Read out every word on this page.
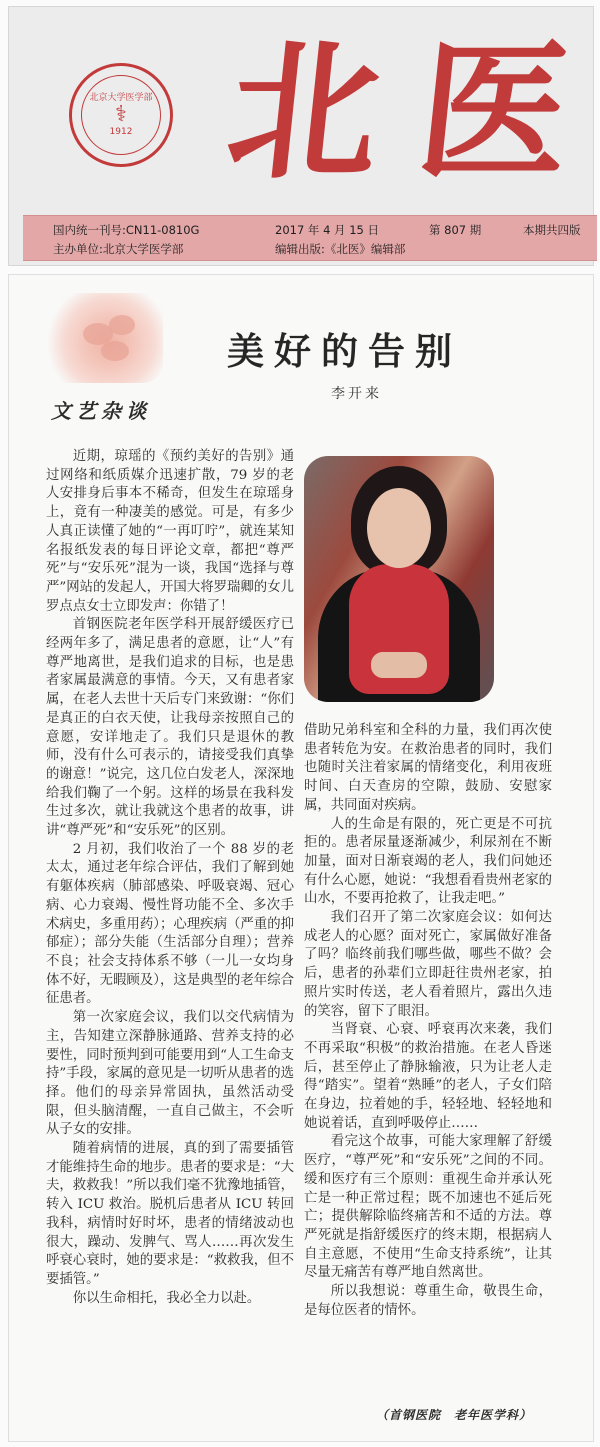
北京大学医学部
⚕
1912 北 医
国内统一刊号:CN11-0810G
主办单位:北京大学医学部
2017 年 4 月 15 日
编辑出版:《北医》编辑部
第 807 期	本期共四版
文艺杂谈
美好的告别
李开来

近期，琼瑶的《预约美好的告别》通过网络和纸质媒介迅速扩散，79 岁的老人安排身后事本不稀奇，但发生在琼瑶身上，竟有一种凄美的感觉。可是，有多少人真正读懂了她的“一再叮咛”，就连某知名报纸发表的每日评论文章，都把“尊严死”与“安乐死”混为一谈，我国“选择与尊严”网站的发起人，开国大将罗瑞卿的女儿罗点点女士立即发声：你错了！

首钢医院老年医学科开展舒缓医疗已经两年多了，满足患者的意愿，让“人”有尊严地离世，是我们追求的目标，也是患者家属最满意的事情。今天，又有患者家属，在老人去世十天后专门来致谢：“你们是真正的白衣天使，让我母亲按照自己的意愿，安详地走了。我们只是退休的教师，没有什么可表示的，请接受我们真挚的谢意！”说完，这几位白发老人，深深地给我们鞠了一个躬。这样的场景在我科发生过多次，就让我就这个患者的故事，讲讲“尊严死”和“安乐死”的区别。

2 月初，我们收治了一个 88 岁的老太太，通过老年综合评估，我们了解到她有躯体疾病（肺部感染、呼吸衰竭、冠心病、心力衰竭、慢性肾功能不全、多次手术病史，多重用药）；心理疾病（严重的抑郁症）；部分失能（生活部分自理）；营养不良；社会支持体系不够（一儿一女均身体不好，无暇顾及），这是典型的老年综合征患者。

第一次家庭会议，我们以交代病情为主，告知建立深静脉通路、营养支持的必要性，同时预判到可能要用到“人工生命支持”手段，家属的意见是一切听从患者的选择。他们的母亲异常固执，虽然活动受限，但头脑清醒，一直自己做主，不会听从子女的安排。

随着病情的进展，真的到了需要插管才能维持生命的地步。患者的要求是：“大夫，救救我！”所以我们毫不犹豫地插管，转入 ICU 救治。脱机后患者从 ICU 转回我科，病情时好时坏，患者的情绪波动也很大，躁动、发脾气、骂人……再次发生呼衰心衰时，她的要求是：“救救我，但不要插管。”

你以生命相托，我必全力以赴。

借助兄弟科室和全科的力量，我们再次使患者转危为安。在救治患者的同时，我们也随时关注着家属的情绪变化，利用夜班时间、白天查房的空隙，鼓励、安慰家属，共同面对疾病。

人的生命是有限的，死亡更是不可抗拒的。患者尿量逐渐减少，利尿剂在不断加量，面对日渐衰竭的老人，我们问她还有什么心愿，她说：“我想看看贵州老家的山水，不要再抢救了，让我走吧。”

我们召开了第二次家庭会议：如何达成老人的心愿？面对死亡，家属做好准备了吗？临终前我们哪些做，哪些不做？会后，患者的孙辈们立即赶往贵州老家，拍照片实时传送，老人看着照片，露出久违的笑容，留下了眼泪。

当肾衰、心衰、呼衰再次来袭，我们不再采取“积极”的救治措施。在老人昏迷后，甚至停止了静脉输液，只为让老人走得“踏实”。望着“熟睡”的老人，子女们陪在身边，拉着她的手，轻轻地、轻轻地和她说着话，直到呼吸停止……

看完这个故事，可能大家理解了舒缓医疗，“尊严死”和“安乐死”之间的不同。缓和医疗有三个原则：重视生命并承认死亡是一种正常过程；既不加速也不延后死亡；提供解除临终痛苦和不适的方法。尊严死就是指舒缓医疗的终末期，根据病人自主意愿，不使用“生命支持系统”，让其尽量无痛苦有尊严地自然离世。

所以我想说：尊重生命，敬畏生命，是每位医者的情怀。

（首钢医院　老年医学科）
